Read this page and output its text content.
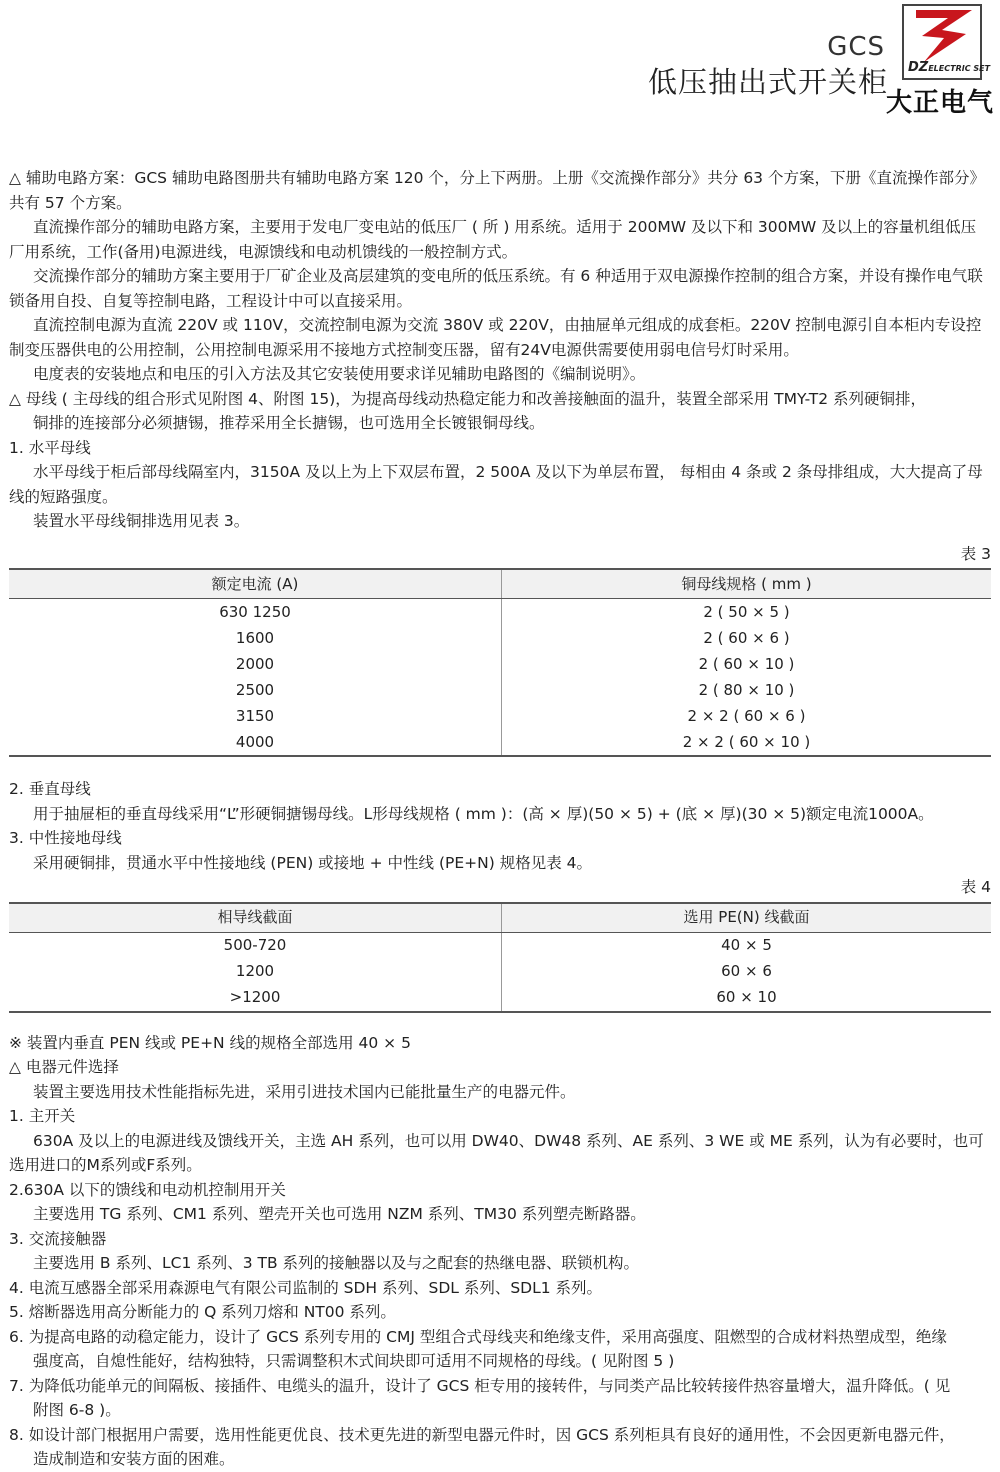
GCS
低压抽出式开关柜 DZELECTRIC SET
大正电气

△ 辅助电路方案：GCS 辅助电路图册共有辅助电路方案 120 个，分上下两册。上册《交流操作部分》共分 63 个方案，下册《直流操作部分》共有 57 个方案。

直流操作部分的辅助电路方案，主要用于发电厂变电站的低压厂 ( 所 ) 用系统。适用于 200MW 及以下和 300MW 及以上的容量机组低压厂用系统，工作(备用)电源进线，电源馈线和电动机馈线的一般控制方式。

交流操作部分的辅助方案主要用于厂矿企业及高层建筑的变电所的低压系统。有 6 种适用于双电源操作控制的组合方案，并设有操作电气联锁备用自投、自复等控制电路，工程设计中可以直接采用。

直流控制电源为直流 220V 或 110V，交流控制电源为交流 380V 或 220V，由抽屉单元组成的成套柜。220V 控制电源引自本柜内专设控制变压器供电的公用控制，公用控制电源采用不接地方式控制变压器，留有24V电源供需要使用弱电信号灯时采用。

电度表的安装地点和电压的引入方法及其它安装使用要求详见辅助电路图的《编制说明》。

△ 母线 ( 主母线的组合形式见附图 4、附图 15)，为提高母线动热稳定能力和改善接触面的温升，装置全部采用 TMY-T2 系列硬铜排，

铜排的连接部分必须搪锡，推荐采用全长搪锡，也可选用全长镀银铜母线。

1. 水平母线

水平母线于柜后部母线隔室内，3150A 及以上为上下双层布置，2 500A 及以下为单层布置， 每相由 4 条或 2 条母排组成，大大提高了母线的短路强度。

装置水平母线铜排选用见表 3。

表 3

额定电流 (A)	铜母线规格 ( mm )
630 1250	2 ( 50 × 5 )
1600	2 ( 60 × 6 )
2000	2 ( 60 × 10 )
2500	2 ( 80 × 10 )
3150	2 × 2 ( 60 × 6 )
4000	2 × 2 ( 60 × 10 )

2. 垂直母线

用于抽屉柜的垂直母线采用“L”形硬铜搪锡母线。L形母线规格 ( mm )：(高 × 厚)(50 × 5) + (底 × 厚)(30 × 5)额定电流1000A。

3. 中性接地母线

采用硬铜排，贯通水平中性接地线 (PEN) 或接地 + 中性线 (PE+N) 规格见表 4。

表 4

相导线截面	选用 PE(N) 线截面
500-720	40 × 5
1200	60 × 6
>1200	60 × 10

※ 装置内垂直 PEN 线或 PE+N 线的规格全部选用 40 × 5

△ 电器元件选择

装置主要选用技术性能指标先进，采用引进技术国内已能批量生产的电器元件。

1. 主开关

630A 及以上的电源进线及馈线开关，主选 AH 系列，也可以用 DW40、DW48 系列、AE 系列、3 WE 或 ME 系列，认为有必要时，也可选用进口的M系列或F系列。

2.630A 以下的馈线和电动机控制用开关

主要选用 TG 系列、CM1 系列、塑壳开关也可选用 NZM 系列、TM30 系列塑壳断路器。

3. 交流接触器

主要选用 B 系列、LC1 系列、3 TB 系列的接触器以及与之配套的热继电器、联锁机构。

4. 电流互感器全部采用森源电气有限公司监制的 SDH 系列、SDL 系列、SDL1 系列。

5. 熔断器选用高分断能力的 Q 系列刀熔和 NT00 系列。

6. 为提高电路的动稳定能力，设计了 GCS 系列专用的 CMJ 型组合式母线夹和绝缘支件，采用高强度、阻燃型的合成材料热塑成型，绝缘

强度高，自熄性能好，结构独特，只需调整积木式间块即可适用不同规格的母线。( 见附图 5 )

7. 为降低功能单元的间隔板、接插件、电缆头的温升，设计了 GCS 柜专用的接转件，与同类产品比较转接件热容量增大，温升降低。( 见

附图 6-8 )。

8. 如设计部门根据用户需要，选用性能更优良、技术更先进的新型电器元件时，因 GCS 系列柜具有良好的通用性，不会因更新电器元件，

造成制造和安装方面的困难。
